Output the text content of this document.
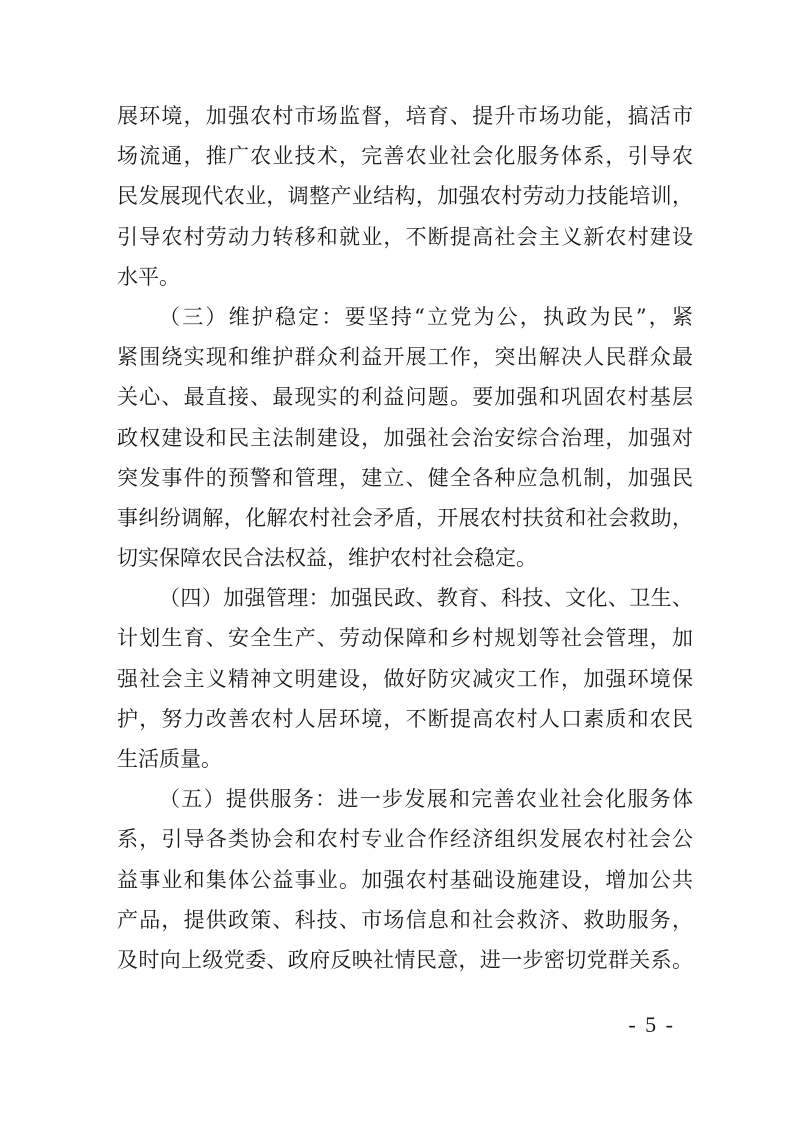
展环境，加强农村市场监督，培育、提升市场功能，搞活市
场流通，推广农业技术，完善农业社会化服务体系，引导农
民发展现代农业，调整产业结构，加强农村劳动力技能培训，
引导农村劳动力转移和就业，不断提高社会主义新农村建设
水平。
（三）维护稳定：要坚持“立党为公，执政为民”，紧
紧围绕实现和维护群众利益开展工作，突出解决人民群众最
关心、最直接、最现实的利益问题。要加强和巩固农村基层
政权建设和民主法制建设，加强社会治安综合治理，加强对
突发事件的预警和管理，建立、健全各种应急机制，加强民
事纠纷调解，化解农村社会矛盾，开展农村扶贫和社会救助，
切实保障农民合法权益，维护农村社会稳定。
（四）加强管理：加强民政、教育、科技、文化、卫生、
计划生育、安全生产、劳动保障和乡村规划等社会管理，加
强社会主义精神文明建设，做好防灾减灾工作，加强环境保
护，努力改善农村人居环境，不断提高农村人口素质和农民
生活质量。
（五）提供服务：进一步发展和完善农业社会化服务体
系，引导各类协会和农村专业合作经济组织发展农村社会公
益事业和集体公益事业。加强农村基础设施建设，增加公共
产品，提供政策、科技、市场信息和社会救济、救助服务，
及时向上级党委、政府反映社情民意，进一步密切党群关系。
- 5 -
